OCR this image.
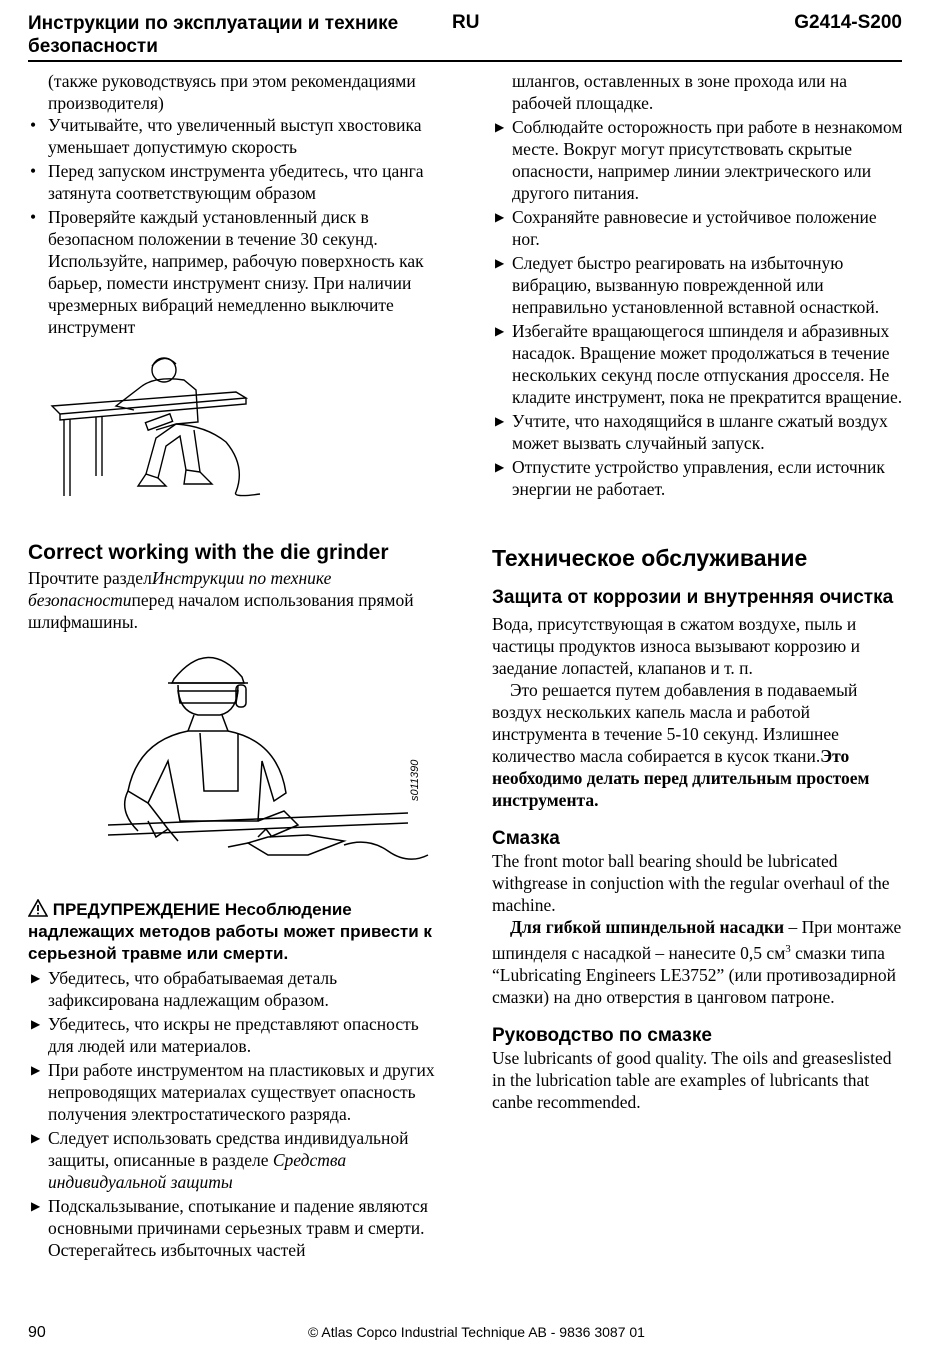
Инструкции по эксплуатации и технике безопасности
RU	G2414-S200

(также руководствуясь при этом рекомендациями производителя)

• Учитывайте, что увеличенный выступ хвостовика уменьшает допустимую скорость
• Перед запуском инструмента убедитесь, что цанга затянута соответствующим образом
• Проверяйте каждый установленный диск в безопасном положении в течение 30 секунд. Используйте, например, рабочую поверхность как барьер, помести инструмент снизу. При наличии чрезмерных вибраций немедленно выключите инструмент
Correct working with the die grinder

Прочтите разделИнструкции по технике безопасностиперед началом использования прямой шлифмашины.

s011390
ПРЕДУПРЕЖДЕНИЕ Несоблюдение надлежащих методов работы может привести к серьезной травме или смерти.
▶ Убедитесь, что обрабатываемая деталь зафиксирована надлежащим образом.
▶ Убедитесь, что искры не представляют опасность для людей или материалов.
▶ При работе инструментом на пластиковых и других непроводящих материалах существует опасность получения электростатического разряда.
▶ Следует использовать средства индивидуальной защиты, описанные в разделе Средства индивидуальной защиты
▶ Подскальзывание, спотыкание и падение являются основными причинами серьезных травм и смерти. Остерегайтесь избыточных частей

шлангов, оставленных в зоне прохода или на рабочей площадке.

▶ Соблюдайте осторожность при работе в незнакомом месте. Вокруг могут присутствовать скрытые опасности, например линии электрического или другого питания.
▶ Сохраняйте равновесие и устойчивое положение ног.
▶ Следует быстро реагировать на избыточную вибрацию, вызванную поврежденной или неправильно установленной вставной оснасткой.
▶ Избегайте вращающегося шпинделя и абразивных насадок. Вращение может продолжаться в течение нескольких секунд после отпускания дросселя. Не кладите инструмент, пока не прекратится вращение.
▶ Учтите, что находящийся в шланге сжатый воздух может вызвать случайный запуск.
▶ Отпустите устройство управления, если источник энергии не работает.
Техническое обслуживание
Защита от коррозии и внутренняя очистка

Вода, присутствующая в сжатом воздухе, пыль и частицы продуктов износа вызывают коррозию и заедание лопастей, клапанов и т. п.

Это решается путем добавления в подаваемый воздух нескольких капель масла и работой инструмента в течение 5-10 секунд. Излишнее количество масла собирается в кусок ткани.Это необходимо делать перед длительным простоем инструмента.

Смазка

The front motor ball bearing should be lubricated withgrease in conjuction with the regular overhaul of the machine.

Для гибкой шпиндельной насадки – При монтаже шпинделя с насадкой – нанесите 0,5 $см^3$ смазки типа “Lubricating Engineers LE3752” (или противозадирной смазки) на дно отверстия в цанговом патроне.

Руководство по смазке

Use lubricants of good quality. The oils and greaseslisted in the lubrication table are examples of lubricants that canbe recommended.

90	© Atlas Copco Industrial Technique AB - 9836 3087 01
